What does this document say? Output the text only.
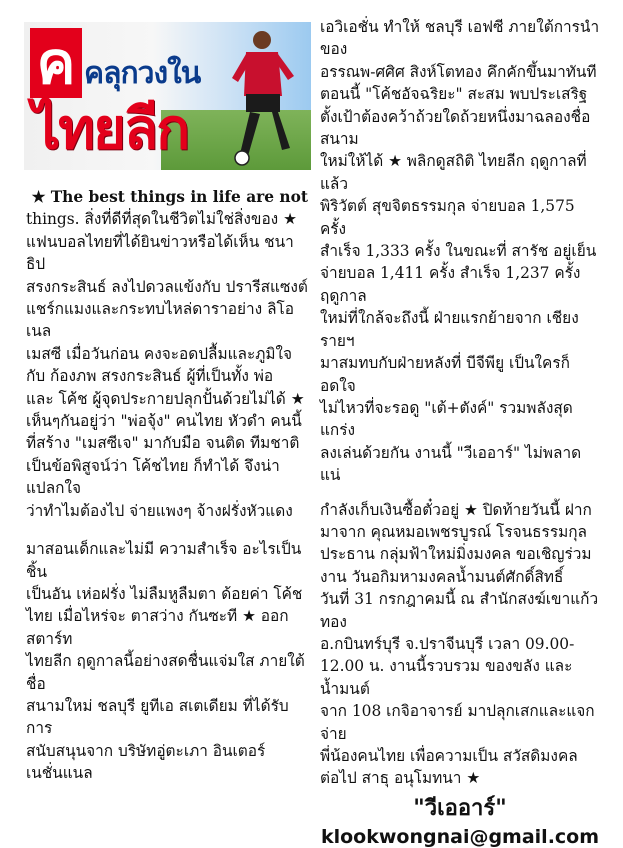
ค คลุกวงใน
ไทยลีก

★ The best things in life are not

things. สิ่งที่ดีที่สุดในชีวิตไม่ใช่สิ่งของ ★

แฟนบอลไทยที่ได้ยินข่าวหรือได้เห็น ชนาธิป

สรงกระสินธ์ ลงไปดวลแข้งกับ ปรารีสแซงต์

แชร์กแมงและกระทบไหล่ดาราอย่าง ลิโอเนล

เมสซี เมื่อวันก่อน คงจะอดปลื้มและภูมิใจ

กับ ก้องภพ สรงกระสินธ์ ผู้ที่เป็นทั้ง พ่อ

และ โค้ช ผู้จุดประกายปลุกปั้นด้วยไม่ได้ ★

เห็นๆกันอยู่ว่า "พ่อจุ้ง" คนไทย หัวดำ คนนี้

ที่สร้าง "เมสซีเจ" มากับมือ จนติด ทีมชาติ

เป็นข้อพิสูจน์ว่า โค้ชไทย ก็ทำได้ จึงน่าแปลกใจ

ว่าทำไมต้องไป จ่ายแพงๆ จ้างฝรั่งหัวแดง

มาสอนเด็กและไม่มี ความสำเร็จ อะไรเป็นชิ้น

เป็นอัน เห่อฝรั่ง ไม่ลืมหูลืมตา ด้อยค่า โค้ช

ไทย เมื่อไหร่จะ ตาสว่าง กันซะที ★ ออกสตาร์ท

ไทยลีก ฤดูกาลนี้อย่างสดชื่นแจ่มใส ภายใต้ชื่อ

สนามใหม่ ชลบุรี ยูทีเอ สเตเดียม ที่ได้รับการ

สนับสนุนจาก บริษัทอู่ตะเภา อินเตอร์เนชั่นแนล

เอวิเอชั่น ทำให้ ชลบุรี เอฟซี ภายใต้การนำของ

อรรณพ-ศศิศ สิงห์โตทอง คึกคักขึ้นมาทันที

ตอนนี้ "โค้ชอัจฉริยะ" สะสม พบประเสริฐ

ตั้งเป้าต้องคว้าถ้วยใดถ้วยหนึ่งมาฉลองชื่อสนาม

ใหม่ให้ได้ ★ พลิกดูสถิติ ไทยลีก ฤดูกาลที่แล้ว

พิริวัตต์ สุขจิตธรรมกุล จ่ายบอล 1,575 ครั้ง

สำเร็จ 1,333 ครั้ง ในขณะที่ สารัช อยู่เย็น

จ่ายบอล 1,411 ครั้ง สำเร็จ 1,237 ครั้ง ฤดูกาล

ใหม่ที่ใกล้จะถึงนี้ ฝ่ายแรกย้ายจาก เชียงรายฯ

มาสมทบกับฝ่ายหลังที่ บีจีพียู เป็นใครก็อดใจ

ไม่ไหวที่จะรอดู "เต้+ตังค์" รวมพลังสุดแกร่ง

ลงเล่นด้วยกัน งานนี้ "วีเออาร์" ไม่พลาดแน่

กำลังเก็บเงินซื้อตั๋วอยู่ ★ ปิดท้ายวันนี้ ฝาก

มาจาก คุณหมอเพชรบูรณ์ โรจนธรรมกุล

ประธาน กลุ่มฟ้าใหม่มิ่งมงคล ขอเชิญร่วม

งาน วันอกิมหามงคลน้ำมนต์ศักดิ์สิทธิ์

วันที่ 31 กรกฎาคมนี้ ณ สำนักสงฆ์เขาแก้วทอง

อ.กบินทร์บุรี จ.ปราจีนบุรี เวลา 09.00-

12.00 น. งานนี้รวบรวม ของขลัง และ น้ำมนต์

จาก 108 เกจิอาจารย์ มาปลุกเสกและแจกจ่าย

พี่น้องคนไทย เพื่อความเป็น สวัสดิมงคล

ต่อไป สาธุ อนุโมทนา ★

"วีเออาร์"
klookwongnai@gmail.com
